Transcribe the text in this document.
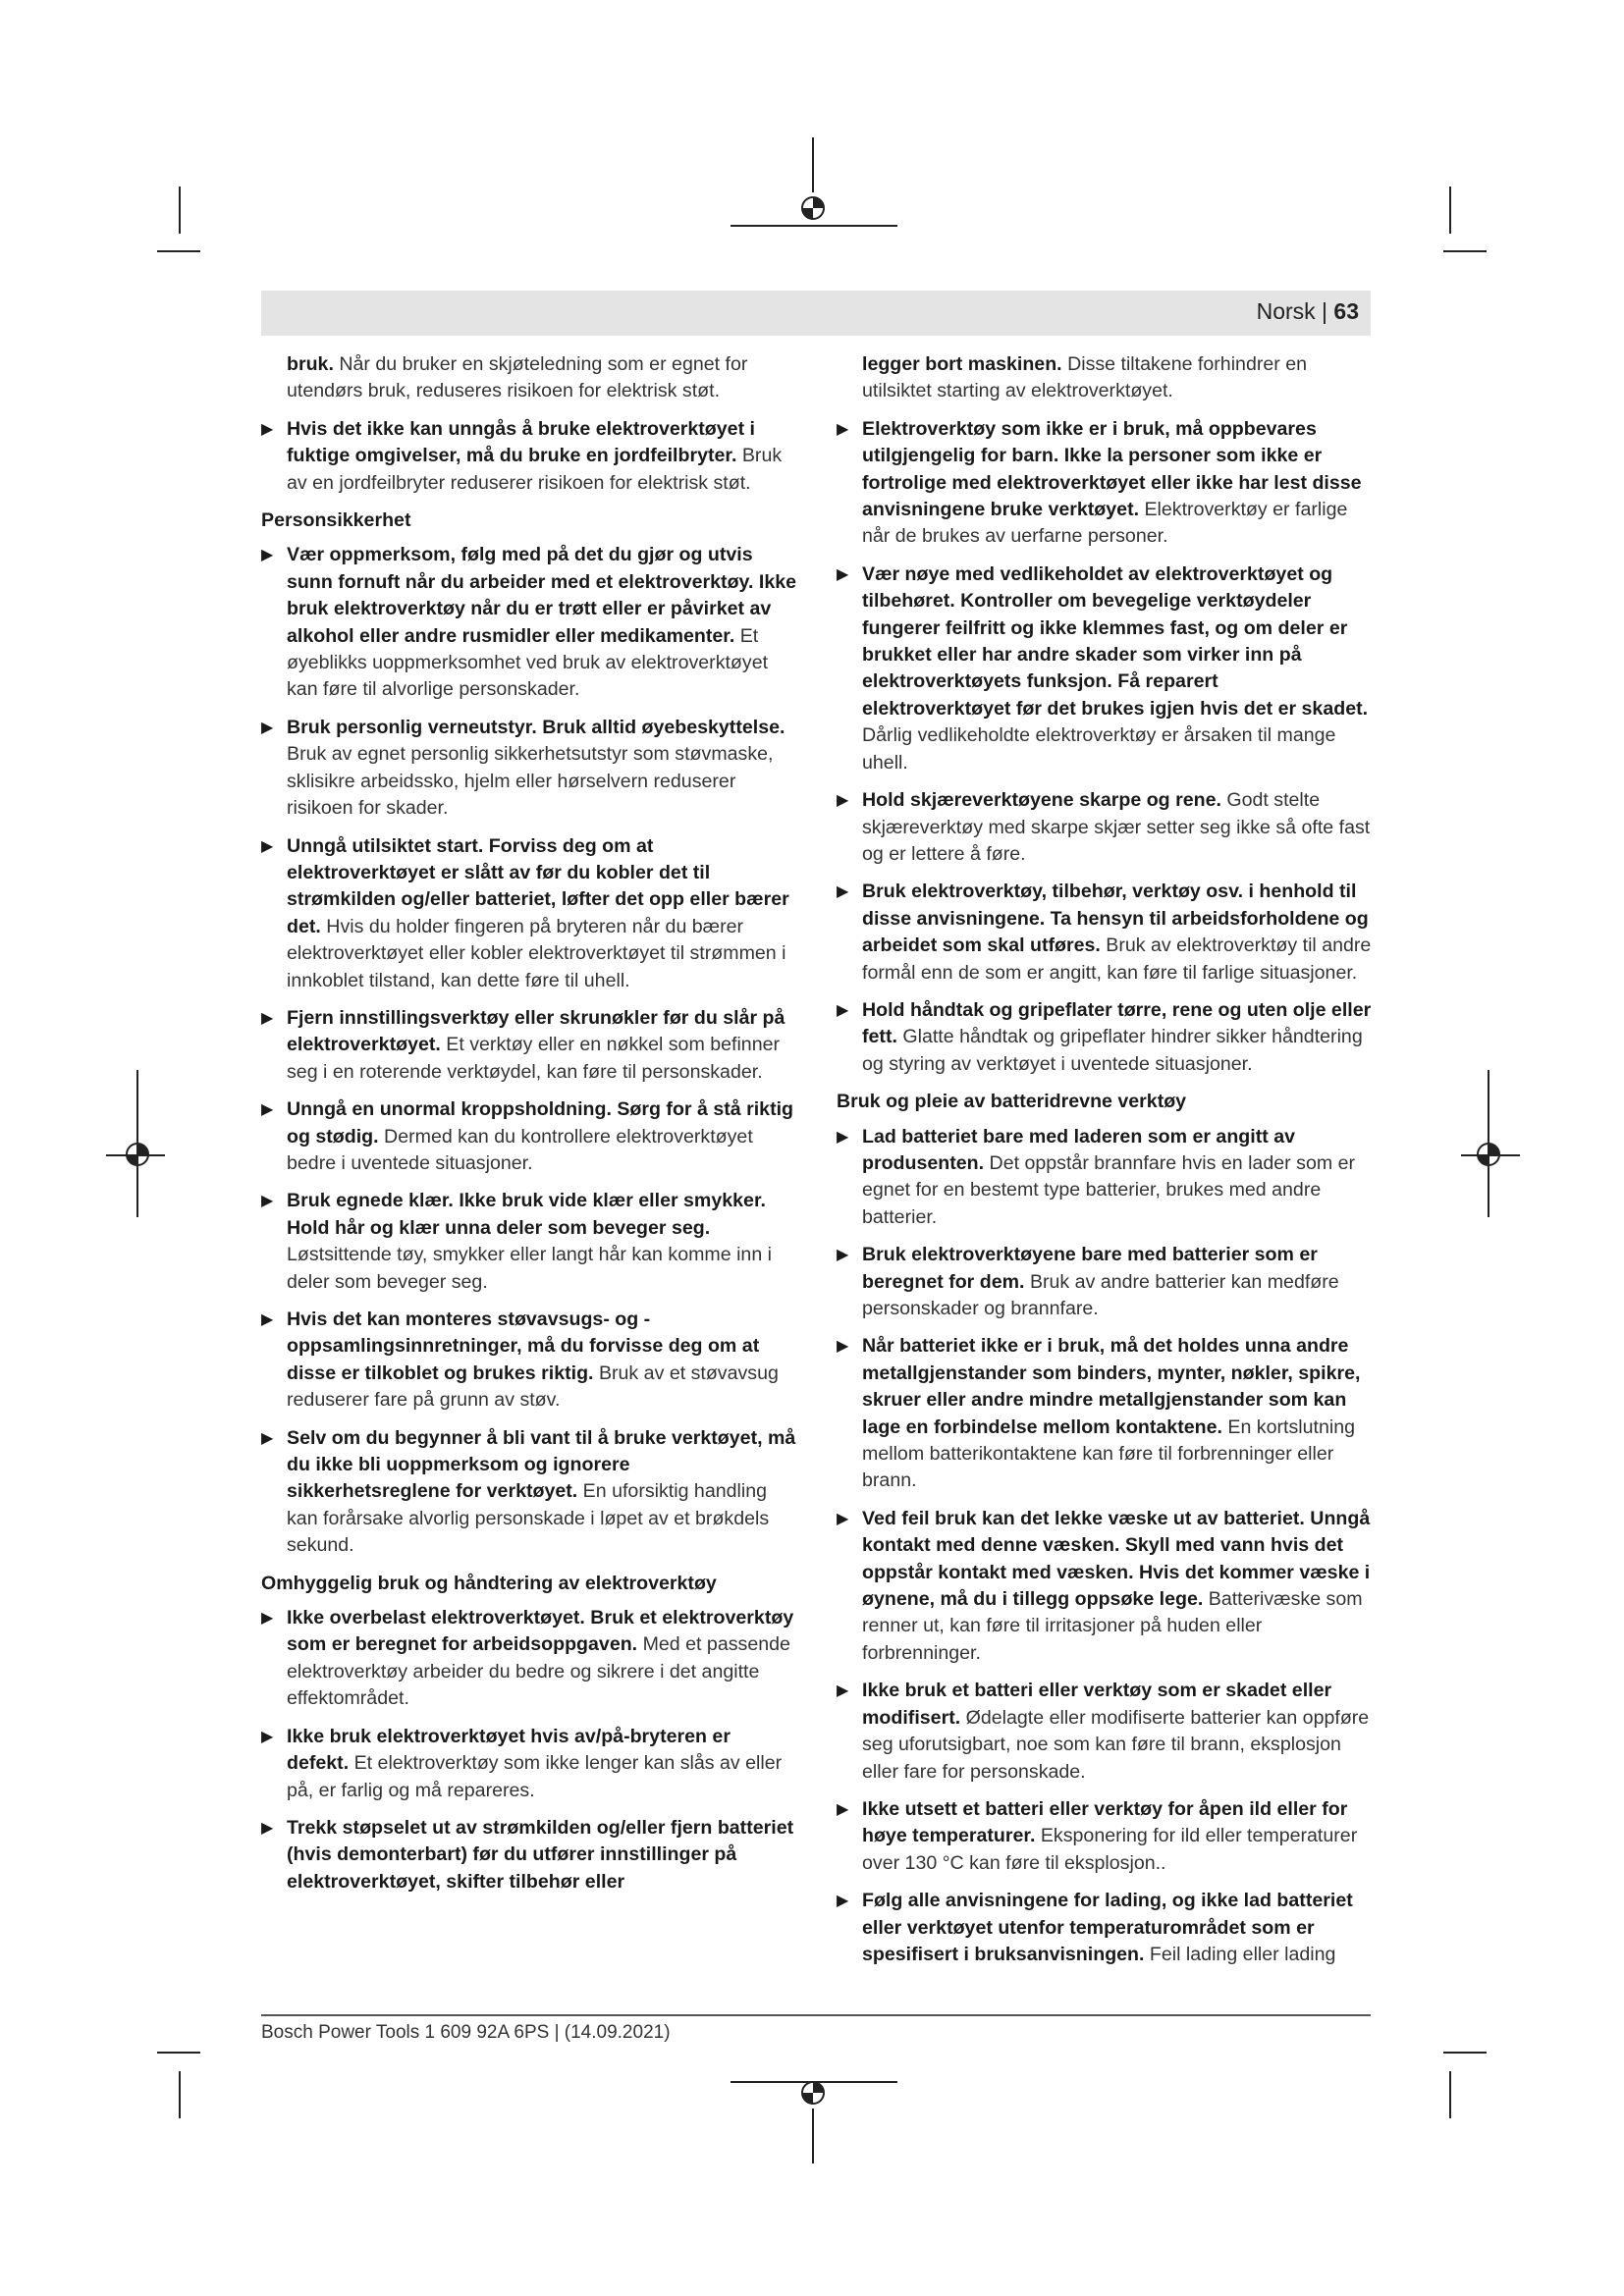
Norsk | 63
bruk. Når du bruker en skjøteledning som er egnet for utendørs bruk, reduseres risikoen for elektrisk støt.
▶ Hvis det ikke kan unngås å bruke elektroverktøyet i fuktige omgivelser, må du bruke en jordfeilbryter. Bruk av en jordfeilbryter reduserer risikoen for elektrisk støt.
Personsikkerhet
▶ Vær oppmerksom, følg med på det du gjør og utvis sunn fornuft når du arbeider med et elektroverktøy. Ikke bruk elektroverktøy når du er trøtt eller er påvirket av alkohol eller andre rusmidler eller medikamenter. Et øyeblikks uoppmerksomhet ved bruk av elektroverktøyet kan føre til alvorlige personskader.
▶ Bruk personlig verneutstyr. Bruk alltid øyebeskyttelse. Bruk av egnet personlig sikkerhetsutstyr som støvmaske, sklisikre arbeidssko, hjelm eller hørselvern reduserer risikoen for skader.
▶ Unngå utilsiktet start. Forviss deg om at elektroverktøyet er slått av før du kobler det til strømkilden og/eller batteriet, løfter det opp eller bærer det. Hvis du holder fingeren på bryteren når du bærer elektroverktøyet eller kobler elektroverktøyet til strømmen i innkoblet tilstand, kan dette føre til uhell.
▶ Fjern innstillingsverktøy eller skrunøkler før du slår på elektroverktøyet. Et verktøy eller en nøkkel som befinner seg i en roterende verktøydel, kan føre til personskader.
▶ Unngå en unormal kroppsholdning. Sørg for å stå riktig og stødig. Dermed kan du kontrollere elektroverktøyet bedre i uventede situasjoner.
▶ Bruk egnede klær. Ikke bruk vide klær eller smykker. Hold hår og klær unna deler som beveger seg. Løstsittende tøy, smykker eller langt hår kan komme inn i deler som beveger seg.
▶ Hvis det kan monteres støvavsugs- og -oppsamlingsinnretninger, må du forvisse deg om at disse er tilkoblet og brukes riktig. Bruk av et støvavsug reduserer fare på grunn av støv.
▶ Selv om du begynner å bli vant til å bruke verktøyet, må du ikke bli uoppmerksom og ignorere sikkerhetsreglene for verktøyet. En uforsiktig handling kan forårsake alvorlig personskade i løpet av et brøkdels sekund.
Omhyggelig bruk og håndtering av elektroverktøy
▶ Ikke overbelast elektroverktøyet. Bruk et elektroverktøy som er beregnet for arbeidsoppgaven. Med et passende elektroverktøy arbeider du bedre og sikrere i det angitte effektområdet.
▶ Ikke bruk elektroverktøyet hvis av/på-bryteren er defekt. Et elektroverktøy som ikke lenger kan slås av eller på, er farlig og må repareres.
▶ Trekk støpselet ut av strømkilden og/eller fjern batteriet (hvis demonterbart) før du utfører innstillinger på elektroverktøyet, skifter tilbehør eller
legger bort maskinen. Disse tiltakene forhindrer en utilsiktet starting av elektroverktøyet.
▶ Elektroverktøy som ikke er i bruk, må oppbevares utilgjengelig for barn. Ikke la personer som ikke er fortrolige med elektroverktøyet eller ikke har lest disse anvisningene bruke verktøyet. Elektroverktøy er farlige når de brukes av uerfarne personer.
▶ Vær nøye med vedlikeholdet av elektroverktøyet og tilbehøret. Kontroller om bevegelige verktøydeler fungerer feilfritt og ikke klemmes fast, og om deler er brukket eller har andre skader som virker inn på elektroverktøyets funksjon. Få reparert elektroverktøyet før det brukes igjen hvis det er skadet. Dårlig vedlikeholdte elektroverktøy er årsaken til mange uhell.
▶ Hold skjæreverktøyene skarpe og rene. Godt stelte skjæreverktøy med skarpe skjær setter seg ikke så ofte fast og er lettere å føre.
▶ Bruk elektroverktøy, tilbehør, verktøy osv. i henhold til disse anvisningene. Ta hensyn til arbeidsforholdene og arbeidet som skal utføres. Bruk av elektroverktøy til andre formål enn de som er angitt, kan føre til farlige situasjoner.
▶ Hold håndtak og gripeflater tørre, rene og uten olje eller fett. Glatte håndtak og gripeflater hindrer sikker håndtering og styring av verktøyet i uventede situasjoner.
Bruk og pleie av batteridrevne verktøy
▶ Lad batteriet bare med laderen som er angitt av produsenten. Det oppstår brannfare hvis en lader som er egnet for en bestemt type batterier, brukes med andre batterier.
▶ Bruk elektroverktøyene bare med batterier som er beregnet for dem. Bruk av andre batterier kan medføre personskader og brannfare.
▶ Når batteriet ikke er i bruk, må det holdes unna andre metallgjenstander som binders, mynter, nøkler, spikre, skruer eller andre mindre metallgjenstander som kan lage en forbindelse mellom kontaktene. En kortslutning mellom batterikontaktene kan føre til forbrenninger eller brann.
▶ Ved feil bruk kan det lekke væske ut av batteriet. Unngå kontakt med denne væsken. Skyll med vann hvis det oppstår kontakt med væsken. Hvis det kommer væske i øynene, må du i tillegg oppsøke lege. Batterivæske som renner ut, kan føre til irritasjoner på huden eller forbrenninger.
▶ Ikke bruk et batteri eller verktøy som er skadet eller modifisert. Ødelagte eller modifiserte batterier kan oppføre seg uforutsigbart, noe som kan føre til brann, eksplosjon eller fare for personskade.
▶ Ikke utsett et batteri eller verktøy for åpen ild eller for høye temperaturer. Eksponering for ild eller temperaturer over 130 °C kan føre til eksplosjon..
▶ Følg alle anvisningene for lading, og ikke lad batteriet eller verktøyet utenfor temperaturområdet som er spesifisert i bruksanvisningen. Feil lading eller lading
Bosch Power Tools 1 609 92A 6PS | (14.09.2021)
